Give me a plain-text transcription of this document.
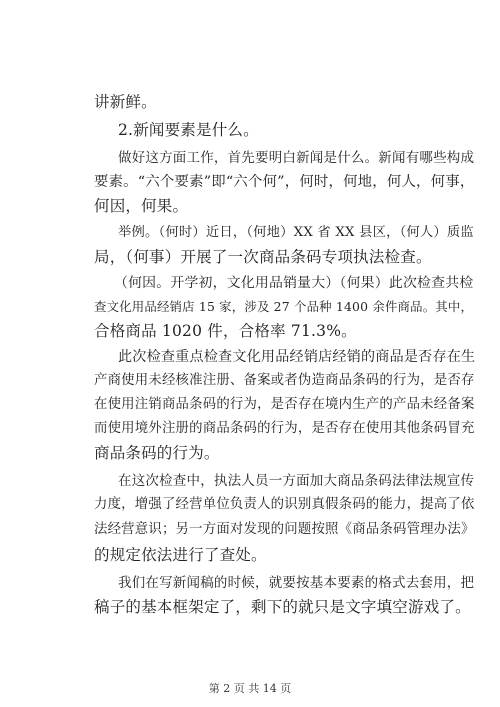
讲新鲜。
2.新闻要素是什么。
做好这方面工作，首先要明白新闻是什么。新闻有哪些构成
要素。“六个要素”即“六个何”，何时，何地，何人，何事，
何因，何果。
举例。（何时）近日，（何地）XX 省 XX 县区，（何人）质监
局，（何事）开展了一次商品条码专项执法检查。
（何因。开学初，文化用品销量大）（何果）此次检查共检
查文化用品经销店 15 家，涉及 27 个品种 1400 余件商品。其中，
合格商品 1020 件，合格率 71.3%。
此次检查重点检查文化用品经销店经销的商品是否存在生
产商使用未经核准注册、备案或者伪造商品条码的行为，是否存
在使用注销商品条码的行为，是否存在境内生产的产品未经备案
而使用境外注册的商品条码的行为，是否存在使用其他条码冒充
商品条码的行为。
在这次检查中，执法人员一方面加大商品条码法律法规宣传
力度，增强了经营单位负责人的识别真假条码的能力，提高了依
法经营意识；另一方面对发现的问题按照《商品条码管理办法》
的规定依法进行了查处。
我们在写新闻稿的时候，就要按基本要素的格式去套用，把
稿子的基本框架定了，剩下的就只是文字填空游戏了。
第 2 页 共 14 页
